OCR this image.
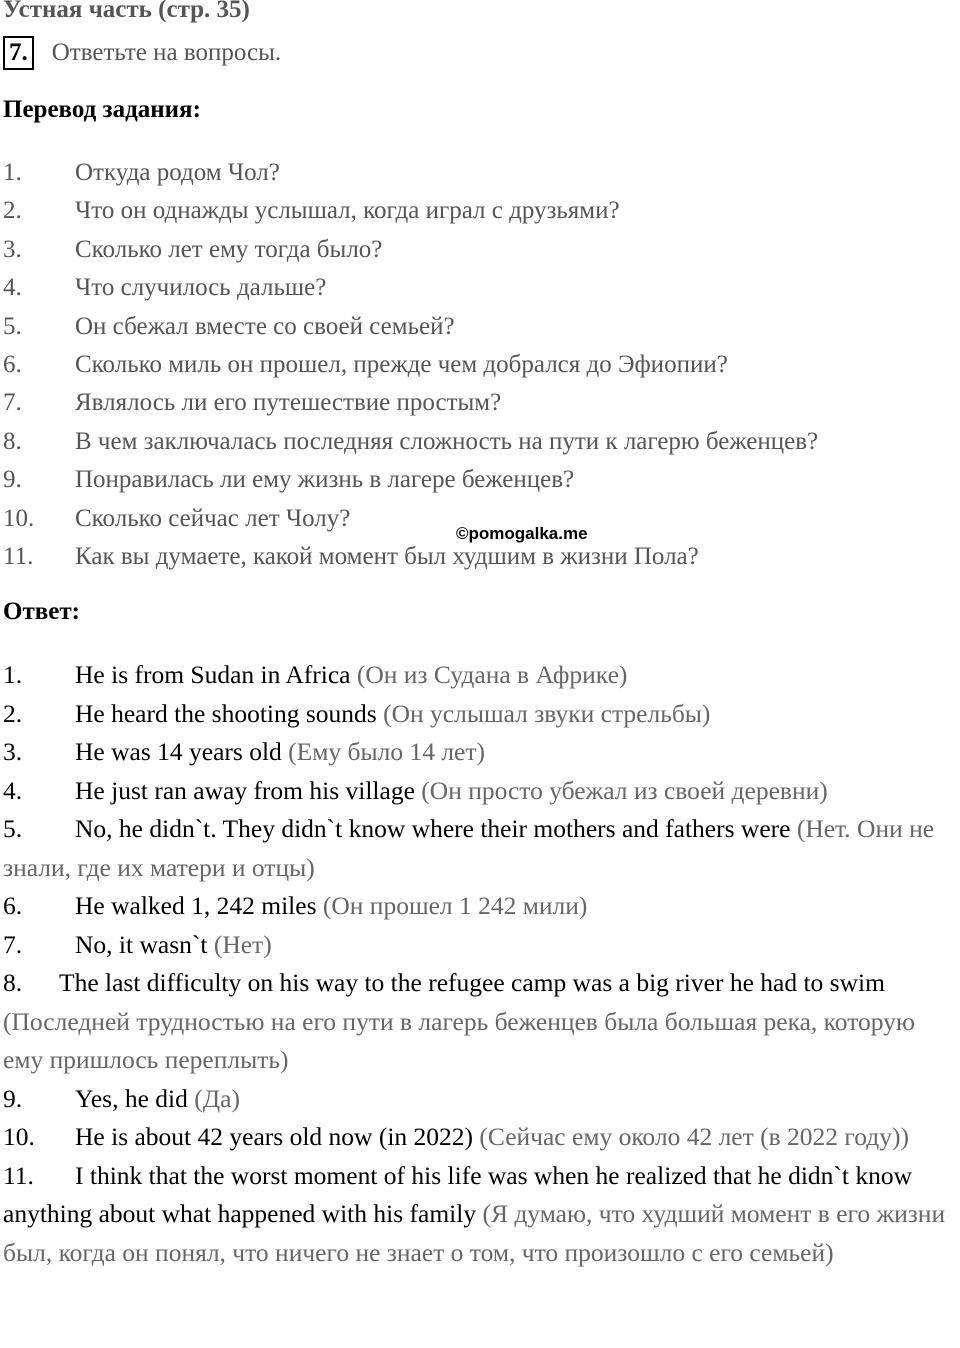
Устная часть (стр. 35)
7. Ответьте на вопросы.
Перевод задания:
1.	Откуда родом Чол?
2.	Что он однажды услышал, когда играл с друзьями?
3.	Сколько лет ему тогда было?
4.	Что случилось дальше?
5.	Он сбежал вместе со своей семьей?
6.	Сколько миль он прошел, прежде чем добрался до Эфиопии?
7.	Являлось ли его путешествие простым?
8.	В чем заключалась последняя сложность на пути к лагерю беженцев?
9.	Понравилась ли ему жизнь в лагере беженцев?
10.	Сколько сейчас лет Чолу?
11.	Как вы думаете, какой момент был худшим в жизни Пола?
©pomogalka.me
Ответ:
1. He is from Sudan in Africa (Он из Судана в Африке)
2. He heard the shooting sounds (Он услышал звуки стрельбы)
3. He was 14 years old (Ему было 14 лет)
4. He just ran away from his village (Он просто убежал из своей деревни)
5. No, he didn`t. They didn`t know where their mothers and fathers were (Нет. Они не знали, где их матери и отцы)
6. He walked 1, 242 miles (Он прошел 1 242 мили)
7. No, it wasn`t (Нет)
8. The last difficulty on his way to the refugee camp was a big river he had to swim (Последней трудностью на его пути в лагерь беженцев была большая река, которую ему пришлось переплыть)
9. Yes, he did (Да)
10. He is about 42 years old now (in 2022) (Сейчас ему около 42 лет (в 2022 году))
11. I think that the worst moment of his life was when he realized that he didn`t know anything about what happened with his family (Я думаю, что худший момент в его жизни был, когда он понял, что ничего не знает о том, что произошло с его семьей)
